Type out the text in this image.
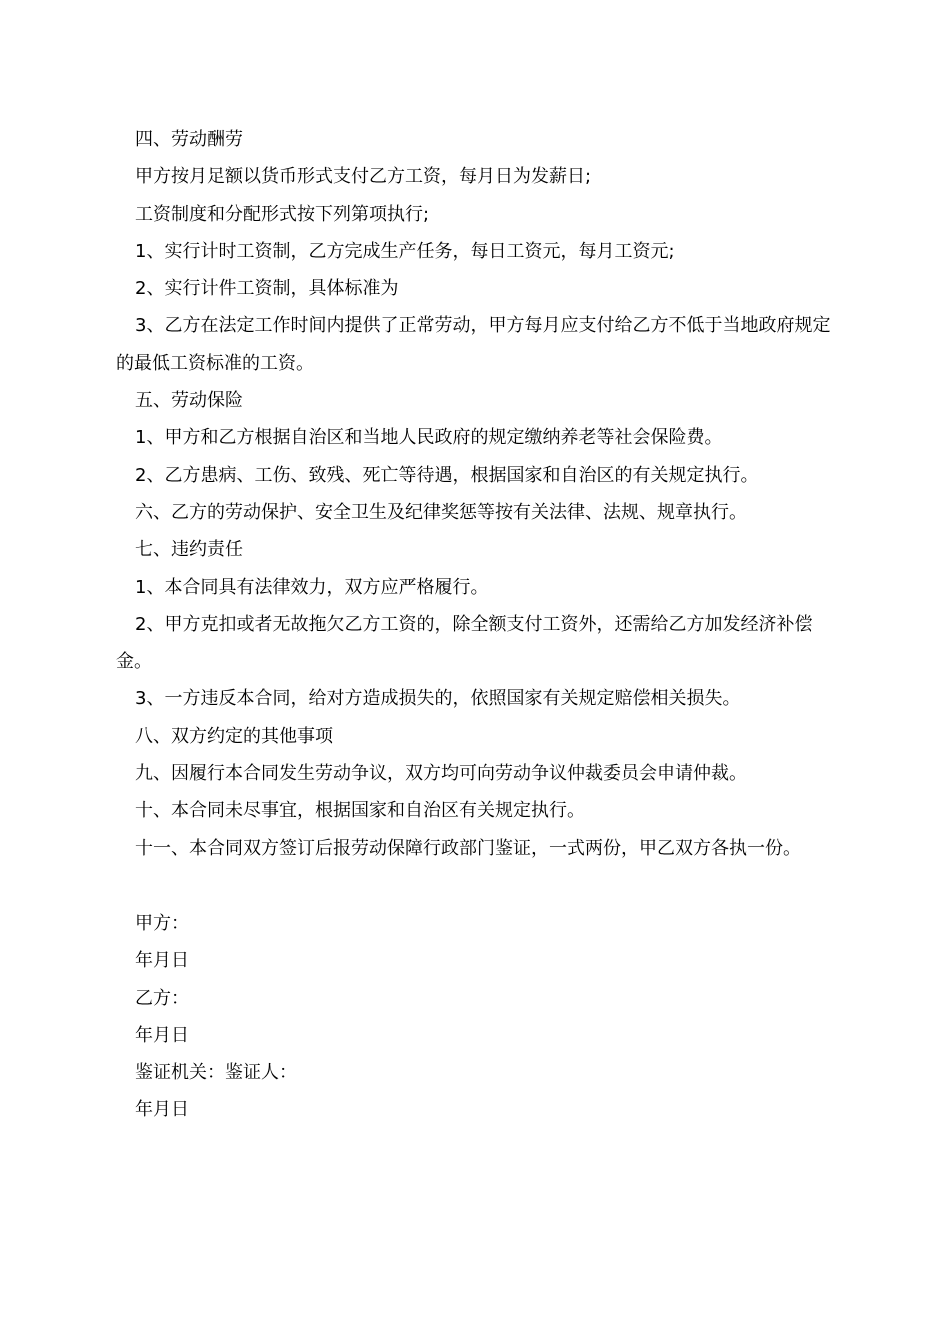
四、劳动酬劳

甲方按月足额以货币形式支付乙方工资，每月日为发薪日;

工资制度和分配形式按下列第项执行;

1、实行计时工资制，乙方完成生产任务，每日工资元，每月工资元;

2、实行计件工资制，具体标准为

3、乙方在法定工作时间内提供了正常劳动，甲方每月应支付给乙方不低于当地政府规定的最低工资标准的工资。

五、劳动保险

1、甲方和乙方根据自治区和当地人民政府的规定缴纳养老等社会保险费。

2、乙方患病、工伤、致残、死亡等待遇，根据国家和自治区的有关规定执行。

六、乙方的劳动保护、安全卫生及纪律奖惩等按有关法律、法规、规章执行。

七、违约责任

1、本合同具有法律效力，双方应严格履行。

2、甲方克扣或者无故拖欠乙方工资的，除全额支付工资外，还需给乙方加发经济补偿金。

3、一方违反本合同，给对方造成损失的，依照国家有关规定赔偿相关损失。

八、双方约定的其他事项

九、因履行本合同发生劳动争议，双方均可向劳动争议仲裁委员会申请仲裁。

十、本合同未尽事宜，根据国家和自治区有关规定执行。

十一、本合同双方签订后报劳动保障行政部门鉴证，一式两份，甲乙双方各执一份。

甲方：

年月日

乙方：

年月日

鉴证机关：鉴证人：

年月日
